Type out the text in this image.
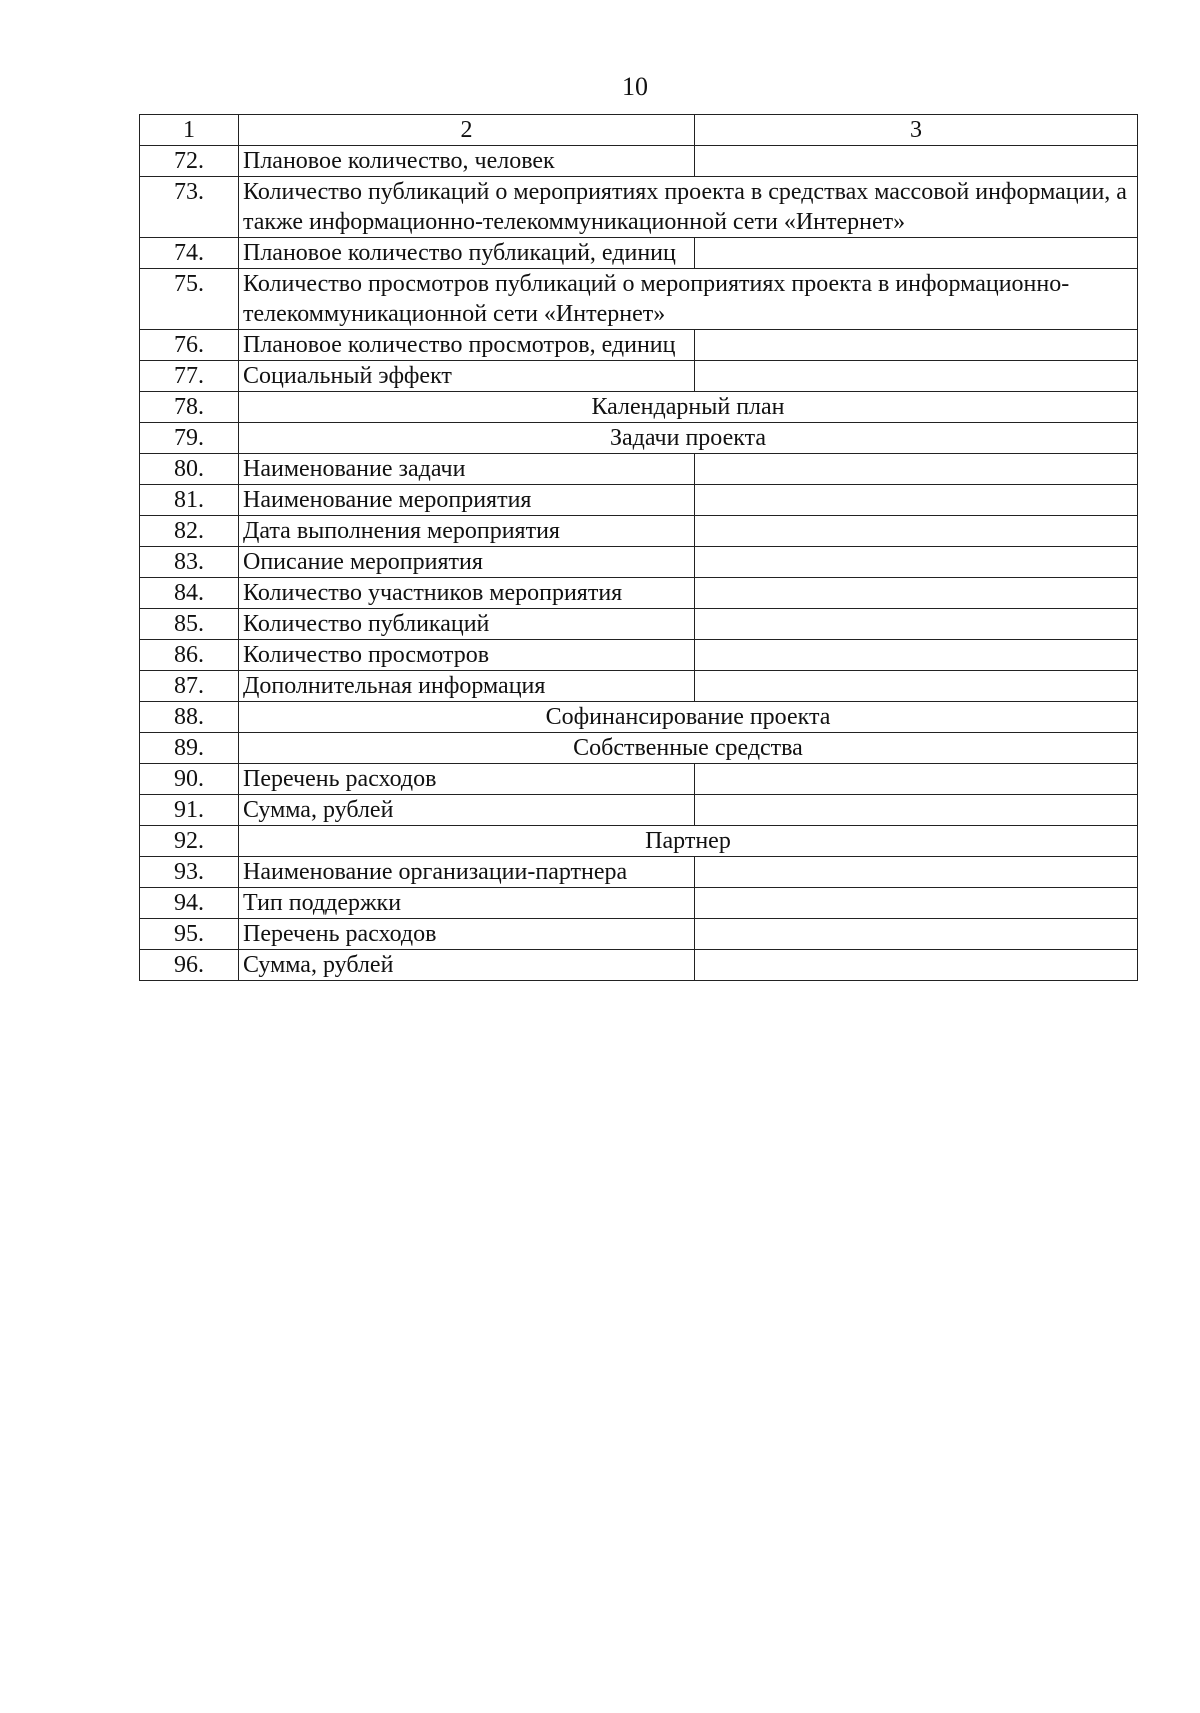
10
1	2	3
72.	Плановое количество, человек	
73.	Количество публикаций о мероприятиях проекта в средствах массовой информации, а также информационно-телекоммуникационной сети «Интернет»	
74.	Плановое количество публикаций, единиц	
75.	Количество просмотров публикаций о мероприятиях проекта в информационно-телекоммуникационной сети «Интернет»	
76.	Плановое количество просмотров, единиц	
77.	Социальный эффект	
78.	Календарный план	
79.	Задачи проекта	
80.	Наименование задачи	
81.	Наименование мероприятия	
82.	Дата выполнения мероприятия	
83.	Описание мероприятия	
84.	Количество участников мероприятия	
85.	Количество публикаций	
86.	Количество просмотров	
87.	Дополнительная информация	
88.	Софинансирование проекта	
89.	Собственные средства	
90.	Перечень расходов	
91.	Сумма, рублей	
92.	Партнер	
93.	Наименование организации-партнера	
94.	Тип поддержки	
95.	Перечень расходов	
96.	Сумма, рублей	
